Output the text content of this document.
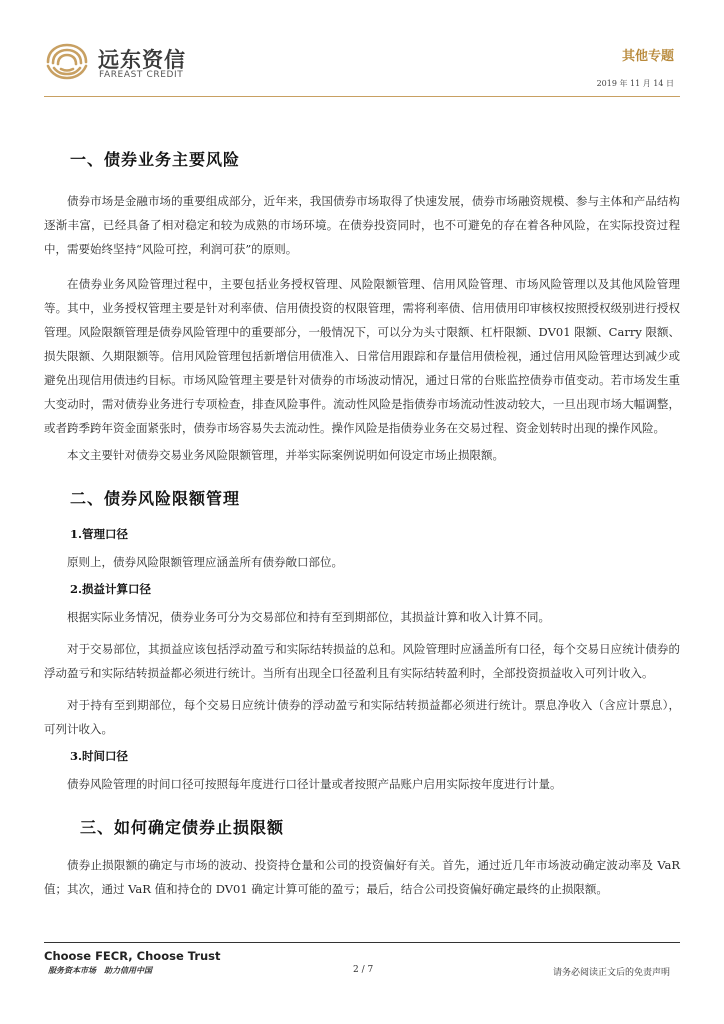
远东资信
FAREAST CREDIT
其他专题
2019 年 11 月 14 日
一、债券业务主要风险

债券市场是金融市场的重要组成部分，近年来，我国债券市场取得了快速发展，债券市场融资规模、参与主体和产品结构逐渐丰富，已经具备了相对稳定和较为成熟的市场环境。在债券投资同时，也不可避免的存在着各种风险，在实际投资过程中，需要始终坚持“风险可控，利润可获”的原则。

在债券业务风险管理过程中，主要包括业务授权管理、风险限额管理、信用风险管理、市场风险管理以及其他风险管理等。其中，业务授权管理主要是针对利率债、信用债投资的权限管理，需将利率债、信用债用印审核权按照授权级别进行授权管理。风险限额管理是债券风险管理中的重要部分，一般情况下，可以分为头寸限额、杠杆限额、DV01 限额、Carry 限额、损失限额、久期限额等。信用风险管理包括新增信用债准入、日常信用跟踪和存量信用债检视，通过信用风险管理达到减少或避免出现信用债违约目标。市场风险管理主要是针对债券的市场波动情况，通过日常的台账监控债券市值变动。若市场发生重大变动时，需对债券业务进行专项检查，排查风险事件。流动性风险是指债券市场流动性波动较大，一旦出现市场大幅调整，或者跨季跨年资金面紧张时，债券市场容易失去流动性。操作风险是指债券业务在交易过程、资金划转时出现的操作风险。

本文主要针对债券交易业务风险限额管理，并举实际案例说明如何设定市场止损限额。

二、债券风险限额管理
1.管理口径

原则上，债券风险限额管理应涵盖所有债券敞口部位。

2.损益计算口径

根据实际业务情况，债券业务可分为交易部位和持有至到期部位，其损益计算和收入计算不同。

对于交易部位，其损益应该包括浮动盈亏和实际结转损益的总和。风险管理时应涵盖所有口径，每个交易日应统计债券的浮动盈亏和实际结转损益都必须进行统计。当所有出现全口径盈利且有实际结转盈利时，全部投资损益收入可列计收入。

对于持有至到期部位，每个交易日应统计债券的浮动盈亏和实际结转损益都必须进行统计。票息净收入（含应计票息），可列计收入。

3.时间口径

债券风险管理的时间口径可按照每年度进行口径计量或者按照产品账户启用实际按年度进行计量。

三、如何确定债券止损限额

债券止损限额的确定与市场的波动、投资持仓量和公司的投资偏好有关。首先，通过近几年市场波动确定波动率及 VaR 值；其次，通过 VaR 值和持仓的 DV01 确定计算可能的盈亏；最后，结合公司投资偏好确定最终的止损限额。

Choose FECR, Choose Trust
服务资本市场　助力信用中国	2 / 7	请务必阅读正文后的免责声明
